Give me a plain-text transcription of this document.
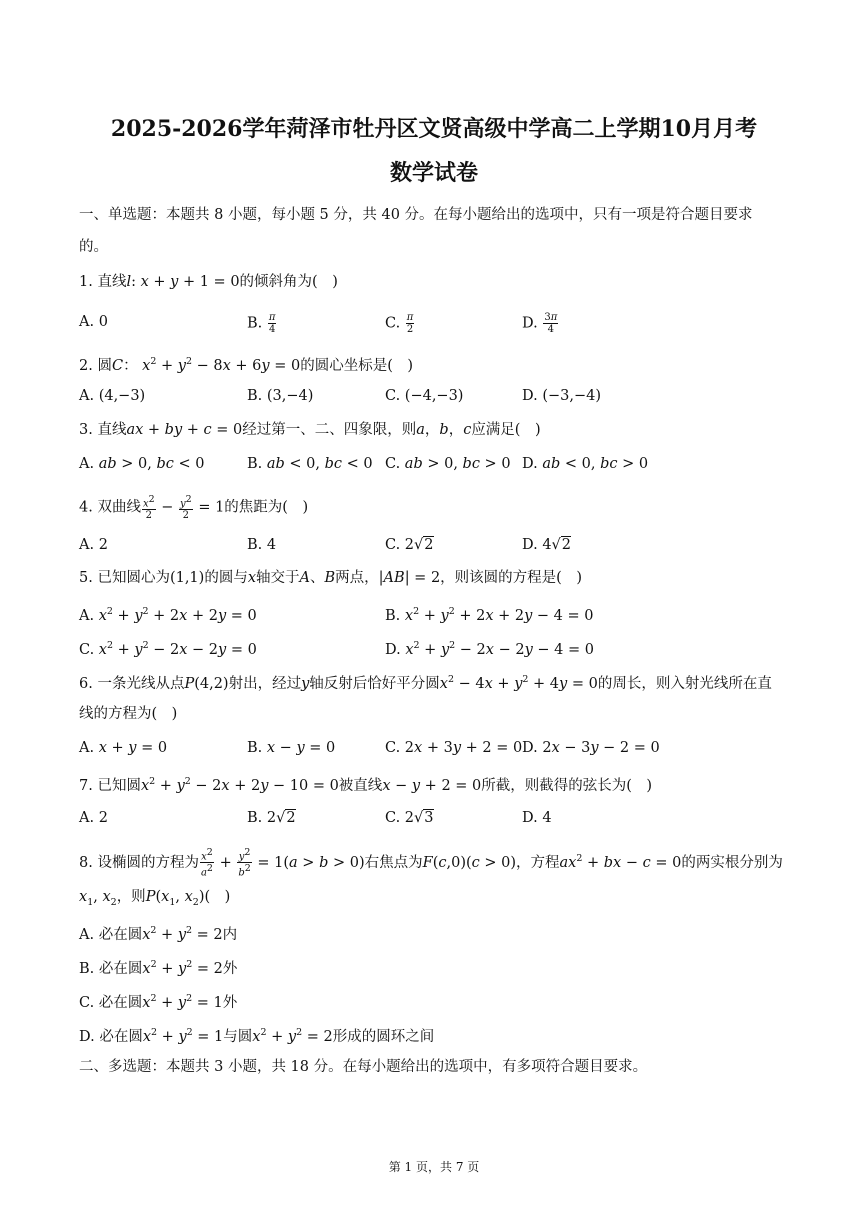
2025-2026学年菏泽市牡丹区文贤高级中学高二上学期10月月考
数学试卷
一、单选题：本题共 8 小题，每小题 5 分，共 40 分。在每小题给出的选项中，只有一项是符合题目要求
的。
1. 直线l: x + y + 1 = 0的倾斜角为(　)
A. 0	B. $\frac{\pi}{4}$	C. $\frac{\pi}{2}$	D. $\frac{3\pi}{4}$
2. 圆C： $x^2 + y^2 - 8x + 6y = 0$的圆心坐标是(　)
A. (4,−3)	B. (3,−4)	C. (−4,−3)	D. (−3,−4)
3. 直线ax + by + c = 0经过第一、二、四象限，则a，b，c应满足(　)
A. ab > 0, bc < 0	B. ab < 0, bc < 0 C. ab > 0, bc > 0 D. ab < 0, bc > 0
4. 双曲线 $\frac{x^2}{2} - \frac{y^2}{2} = 1$的焦距为(　)
A. 2	B. 4	C. 2√2	D. 4√2
5. 已知圆心为(1,1)的圆与x轴交于A、B两点，|AB| = 2，则该圆的方程是(　)
A. $x^2 + y^2 + 2x + 2y = 0$	B. $x^2 + y^2 + 2x + 2y - 4 = 0$
C. $x^2 + y^2 - 2x - 2y = 0$	D. $x^2 + y^2 - 2x - 2y - 4 = 0$
6. 一条光线从点P(4,2)射出，经过y轴反射后恰好平分圆$x^2 - 4x + y^2 + 4y = 0$的周长，则入射光线所在直
线的方程为(　)
A. x + y = 0	B. x − y = 0	C. 2x + 3y + 2 = 0 D. 2x − 3y − 2 = 0
7. 已知圆$x^2 + y^2 - 2x + 2y - 10 = 0$被直线x − y + 2 = 0所截，则截得的弦长为(　)
A. 2	B. 2√2	C. 2√3	D. 4
8. 设椭圆的方程为 $\frac{x^2}{a^2} + \frac{y^2}{b^2} = 1(a > b > 0)$右焦点为F(c,0)(c > 0)，方程$ax^2$ + bx − c = 0的两实根分别为
$x_1$, $x_2$，则$P(x_1$, $x_2$)(　)
A. 必在圆$x^2 + y^2 = 2$内
B. 必在圆$x^2 + y^2 = 2$外
C. 必在圆$x^2 + y^2 = 1$外
D. 必在圆$x^2 + y^2 = 1$与圆$x^2 + y^2 = 2$形成的圆环之间
二、多选题：本题共 3 小题，共 18 分。在每小题给出的选项中，有多项符合题目要求。
第 1 页，共 7 页
